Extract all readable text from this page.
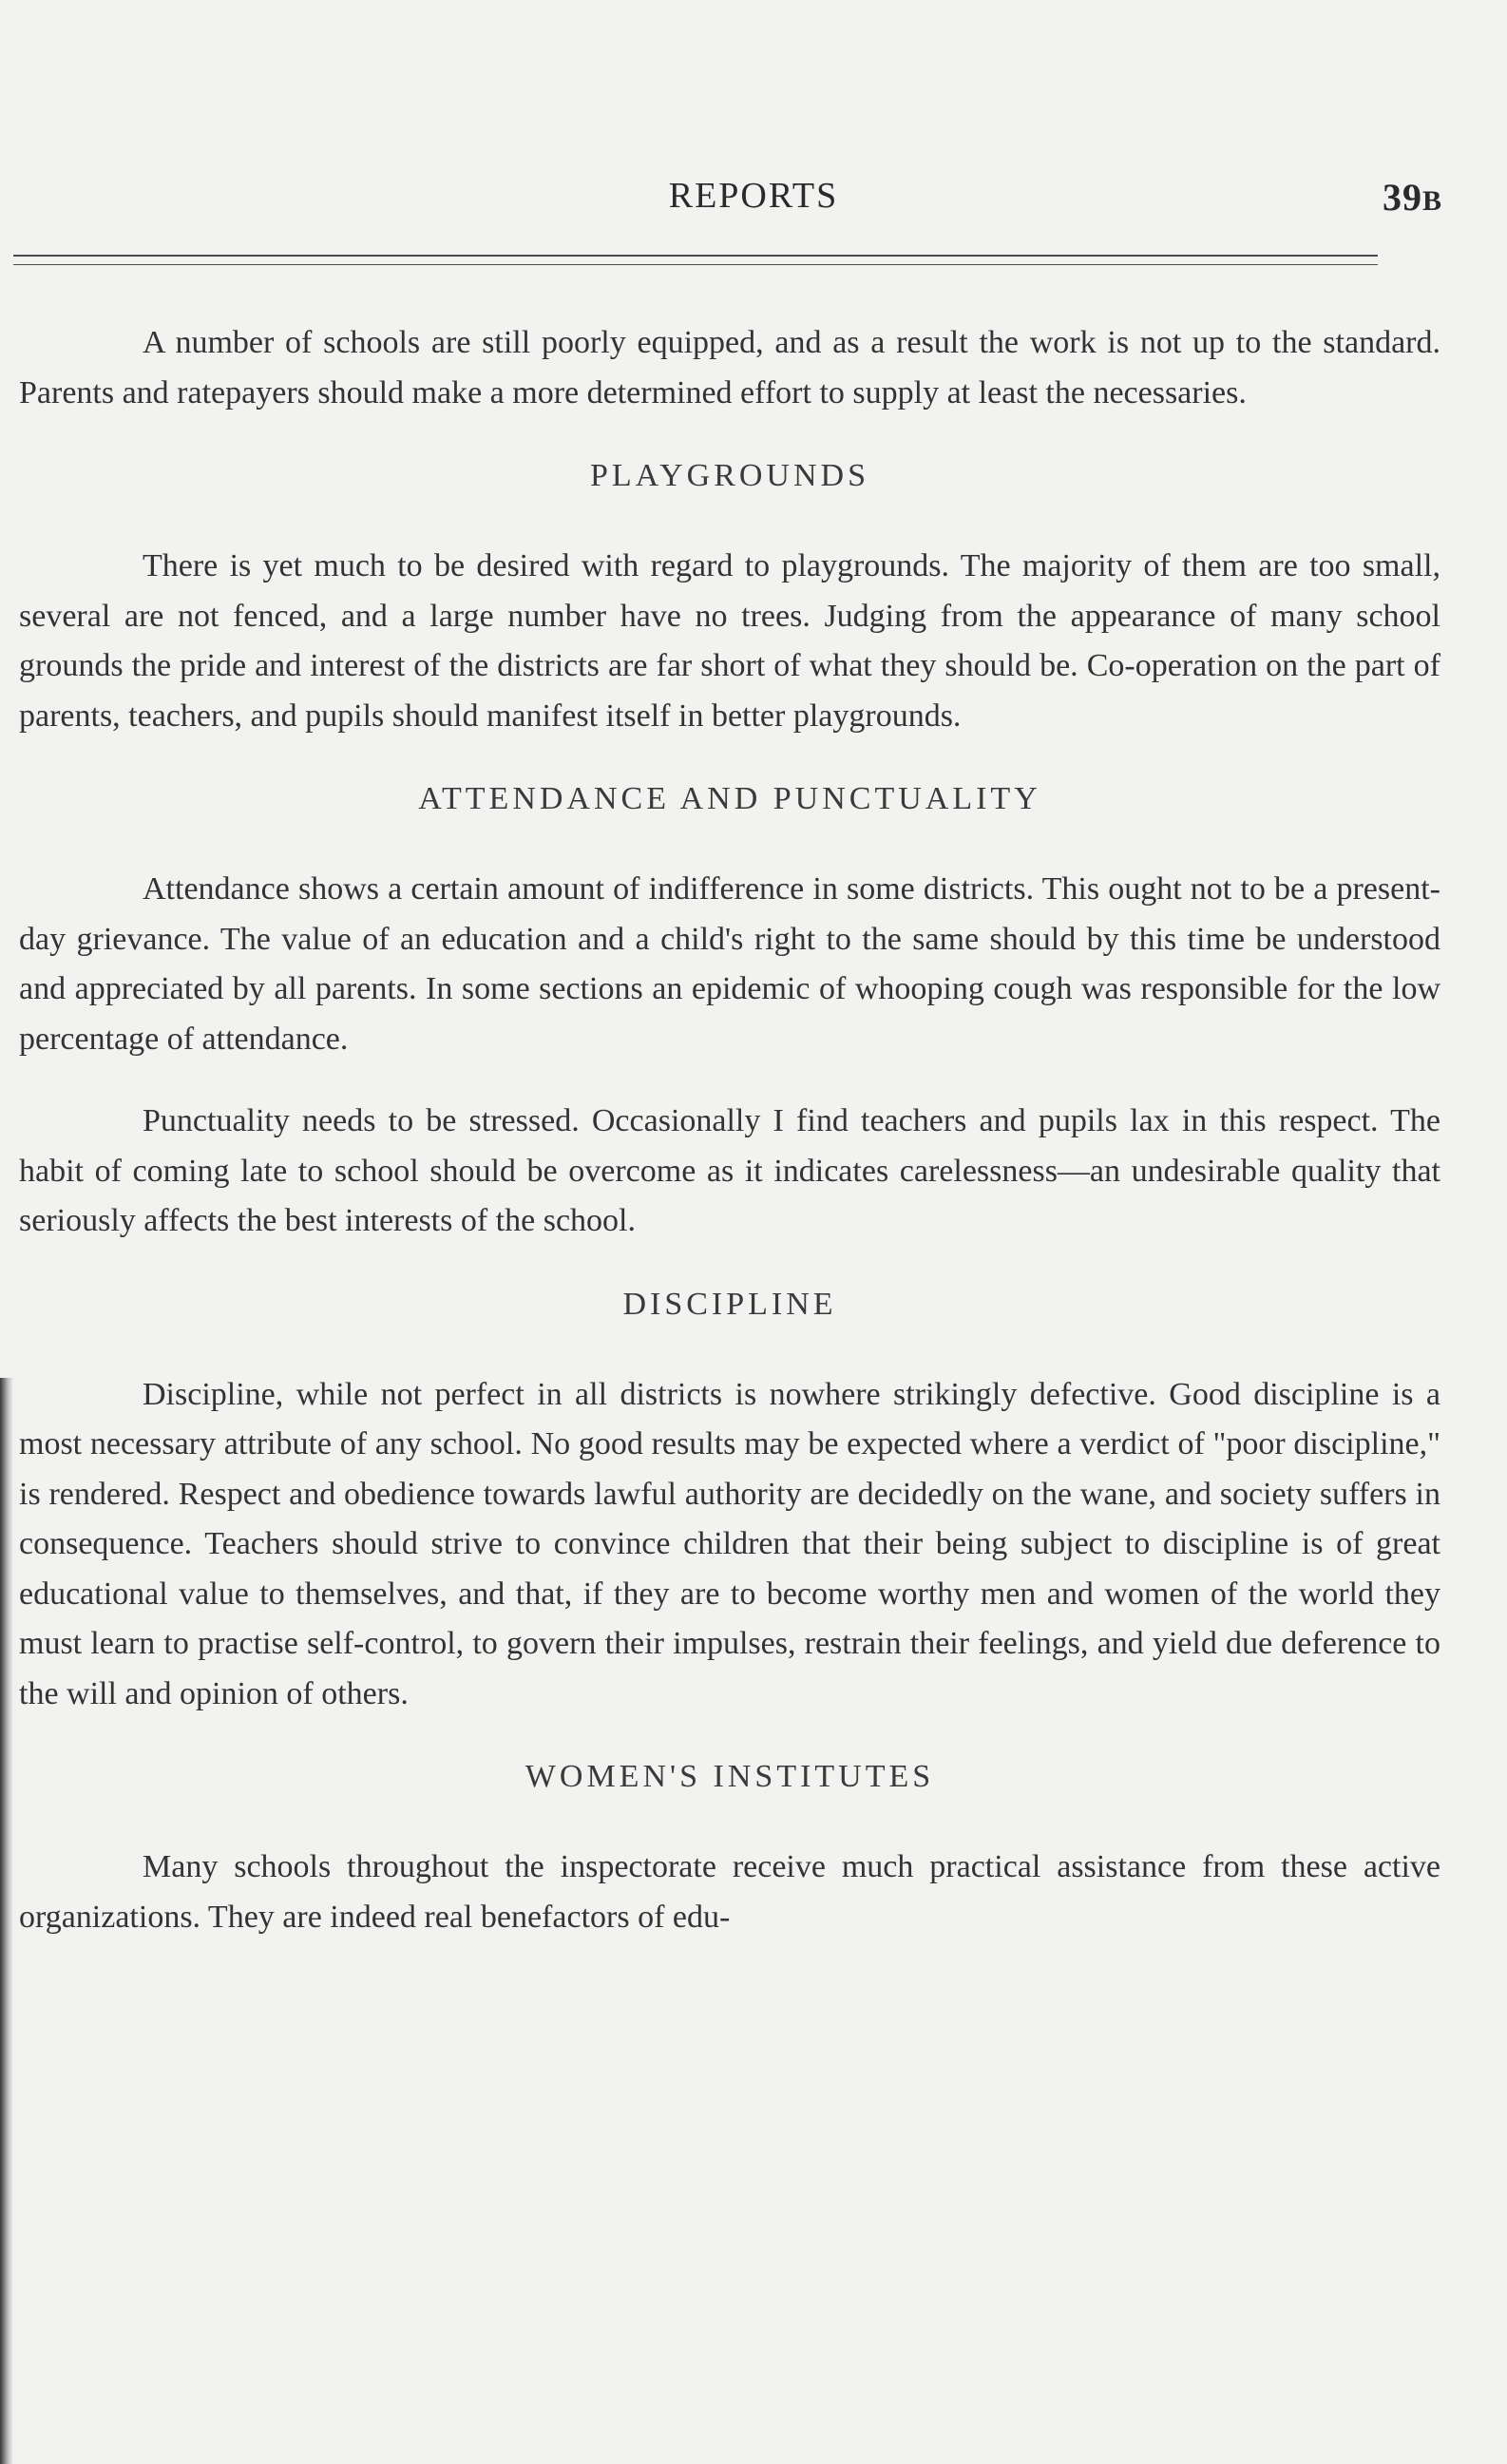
REPORTS	39B

A number of schools are still poorly equipped, and as a result the work is not up to the standard. Parents and ratepayers should make a more determined effort to supply at least the necessaries.

PLAYGROUNDS

There is yet much to be desired with regard to playgrounds. The majority of them are too small, several are not fenced, and a large number have no trees. Judging from the appearance of many school grounds the pride and interest of the districts are far short of what they should be. Co-operation on the part of parents, teachers, and pupils should manifest itself in better playgrounds.

ATTENDANCE AND PUNCTUALITY

Attendance shows a certain amount of indifference in some districts. This ought not to be a present-day grievance. The value of an education and a child's right to the same should by this time be understood and appreciated by all parents. In some sections an epidemic of whooping cough was responsible for the low percentage of attendance.

Punctuality needs to be stressed. Occasionally I find teachers and pupils lax in this respect. The habit of coming late to school should be overcome as it indicates carelessness—an undesirable quality that seriously affects the best interests of the school.

DISCIPLINE

Discipline, while not perfect in all districts is nowhere strikingly defective. Good discipline is a most necessary attribute of any school. No good results may be expected where a verdict of "poor discipline," is rendered. Respect and obedience towards lawful authority are decidedly on the wane, and society suffers in consequence. Teachers should strive to convince children that their being subject to discipline is of great educational value to themselves, and that, if they are to become worthy men and women of the world they must learn to practise self-control, to govern their impulses, restrain their feelings, and yield due deference to the will and opinion of others.

WOMEN'S INSTITUTES

Many schools throughout the inspectorate receive much practical assistance from these active organizations. They are indeed real benefactors of edu-
